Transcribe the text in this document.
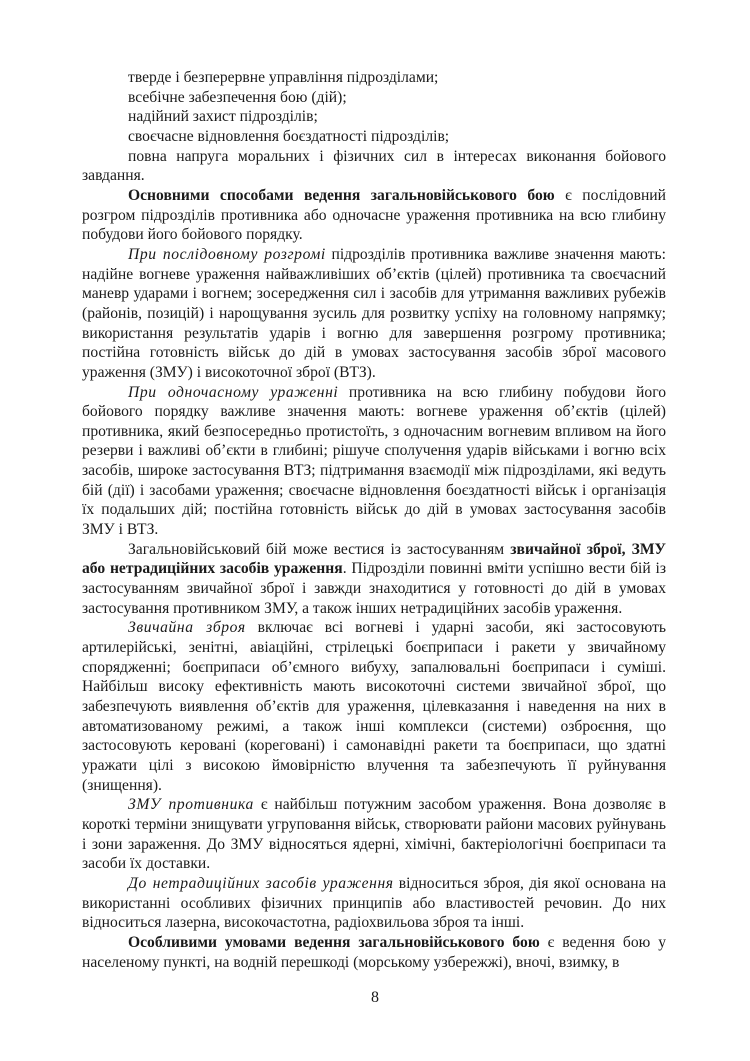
тверде і безперервне управління підрозділами;

всебічне забезпечення бою (дій);

надійний захист підрозділів;

своєчасне відновлення боєздатності підрозділів;

повна напруга моральних і фізичних сил в інтересах виконання бойового завдання.

Основними способами ведення загальновійськового бою є послідовний розгром підрозділів противника або одночасне ураження противника на всю глибину побудови його бойового порядку.

При послідовному розгромі підрозділів противника важливе значення мають: надійне вогневе ураження найважливіших об’єктів (цілей) противника та своєчасний маневр ударами і вогнем; зосередження сил і засобів для утримання важливих рубежів (районів, позицій) і нарощування зусиль для розвитку успіху на головному напрямку; використання результатів ударів і вогню для завершення розгрому противника; постійна готовність військ до дій в умовах застосування засобів зброї масового ураження (ЗМУ) і високоточної зброї (ВТЗ).

При одночасному ураженні противника на всю глибину побудови його бойового порядку важливе значення мають: вогневе ураження об’єктів (цілей) противника, який безпосередньо протистоїть, з одночасним вогневим впливом на його резерви і важливі об’єкти в глибині; рішуче сполучення ударів військами і вогню всіх засобів, широке застосування ВТЗ; підтримання взаємодії між підрозділами, які ведуть бій (дії) і засобами ураження; своєчасне відновлення боєздатності військ і організація їх подальших дій; постійна готовність військ до дій в умовах застосування засобів ЗМУ і ВТЗ.

Загальновійськовий бій може вестися із застосуванням звичайної зброї, ЗМУ або нетрадиційних засобів ураження. Підрозділи повинні вміти успішно вести бій із застосуванням звичайної зброї і завжди знаходитися у готовності до дій в умовах застосування противником ЗМУ, а також інших нетрадиційних засобів ураження.

Звичайна зброя включає всі вогневі і ударні засоби, які застосовують артилерійські, зенітні, авіаційні, стрілецькі боєприпаси і ракети у звичайному спорядженні; боєприпаси об’ємного вибуху, запалювальні боєприпаси і суміші. Найбільш високу ефективність мають високоточні системи звичайної зброї, що забезпечують виявлення об’єктів для ураження, цілевказання і наведення на них в автоматизованому режимі, а також інші комплекси (системи) озброєння, що застосовують керовані (кореговані) і самонавідні ракети та боєприпаси, що здатні уражати цілі з високою ймовірністю влучення та забезпечують її руйнування (знищення).

ЗМУ противника є найбільш потужним засобом ураження. Вона дозволяє в короткі терміни знищувати угруповання військ, створювати райони масових руйнувань і зони зараження. До ЗМУ відносяться ядерні, хімічні, бактеріологічні боєприпаси та засоби їх доставки.

До нетрадиційних засобів ураження відноситься зброя, дія якої основана на використанні особливих фізичних принципів або властивостей речовин. До них відноситься лазерна, високочастотна, радіохвильова зброя та інші.

Особливими умовами ведення загальновійськового бою є ведення бою у населеному пункті, на водній перешкоді (морському узбережжі), вночі, взимку, в

8
